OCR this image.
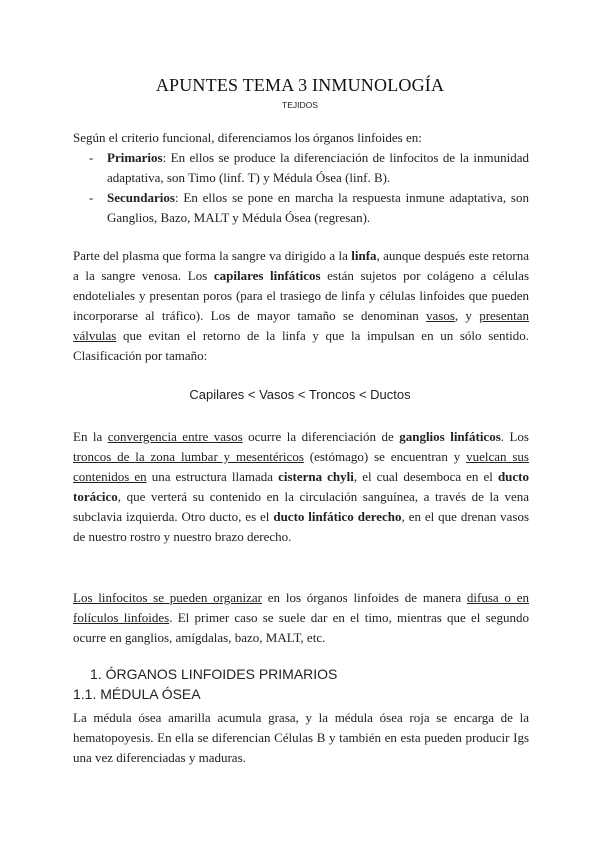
APUNTES TEMA 3 INMUNOLOGÍA
TEJIDOS
Según el criterio funcional, diferenciamos los órganos linfoides en:
- Primarios: En ellos se produce la diferenciación de linfocitos de la inmunidad adaptativa, son Timo (linf. T) y Médula Ósea (linf. B).
- Secundarios: En ellos se pone en marcha la respuesta inmune adaptativa, son Ganglios, Bazo, MALT y Médula Ósea (regresan).

Parte del plasma que forma la sangre va dirigido a la linfa, aunque después este retorna a la sangre venosa. Los capilares linfáticos están sujetos por colágeno a células endoteliales y presentan poros (para el trasiego de linfa y células linfoides que pueden incorporarse al tráfico). Los de mayor tamaño se denominan vasos, y presentan válvulas que evitan el retorno de la linfa y que la impulsan en un sólo sentido. Clasificación por tamaño:

Capilares < Vasos < Troncos < Ductos

En la convergencia entre vasos ocurre la diferenciación de ganglios linfáticos. Los troncos de la zona lumbar y mesentéricos (estómago) se encuentran y vuelcan sus contenidos en una estructura llamada cisterna chyli, el cual desemboca en el ducto torácico, que verterá su contenido en la circulación sanguínea, a través de la vena subclavia izquierda. Otro ducto, es el ducto linfático derecho, en el que drenan vasos de nuestro rostro y nuestro brazo derecho.

Los linfocitos se pueden organizar en los órganos linfoides de manera difusa o en folículos linfoides. El primer caso se suele dar en el timo, mientras que el segundo ocurre en ganglios, amígdalas, bazo, MALT, etc.

1. ÓRGANOS LINFOIDES PRIMARIOS
1.1. MÉDULA ÓSEA

La médula ósea amarilla acumula grasa, y la médula ósea roja se encarga de la hematopoyesis. En ella se diferencian Células B y también en esta pueden producir Igs una vez diferenciadas y maduras.
